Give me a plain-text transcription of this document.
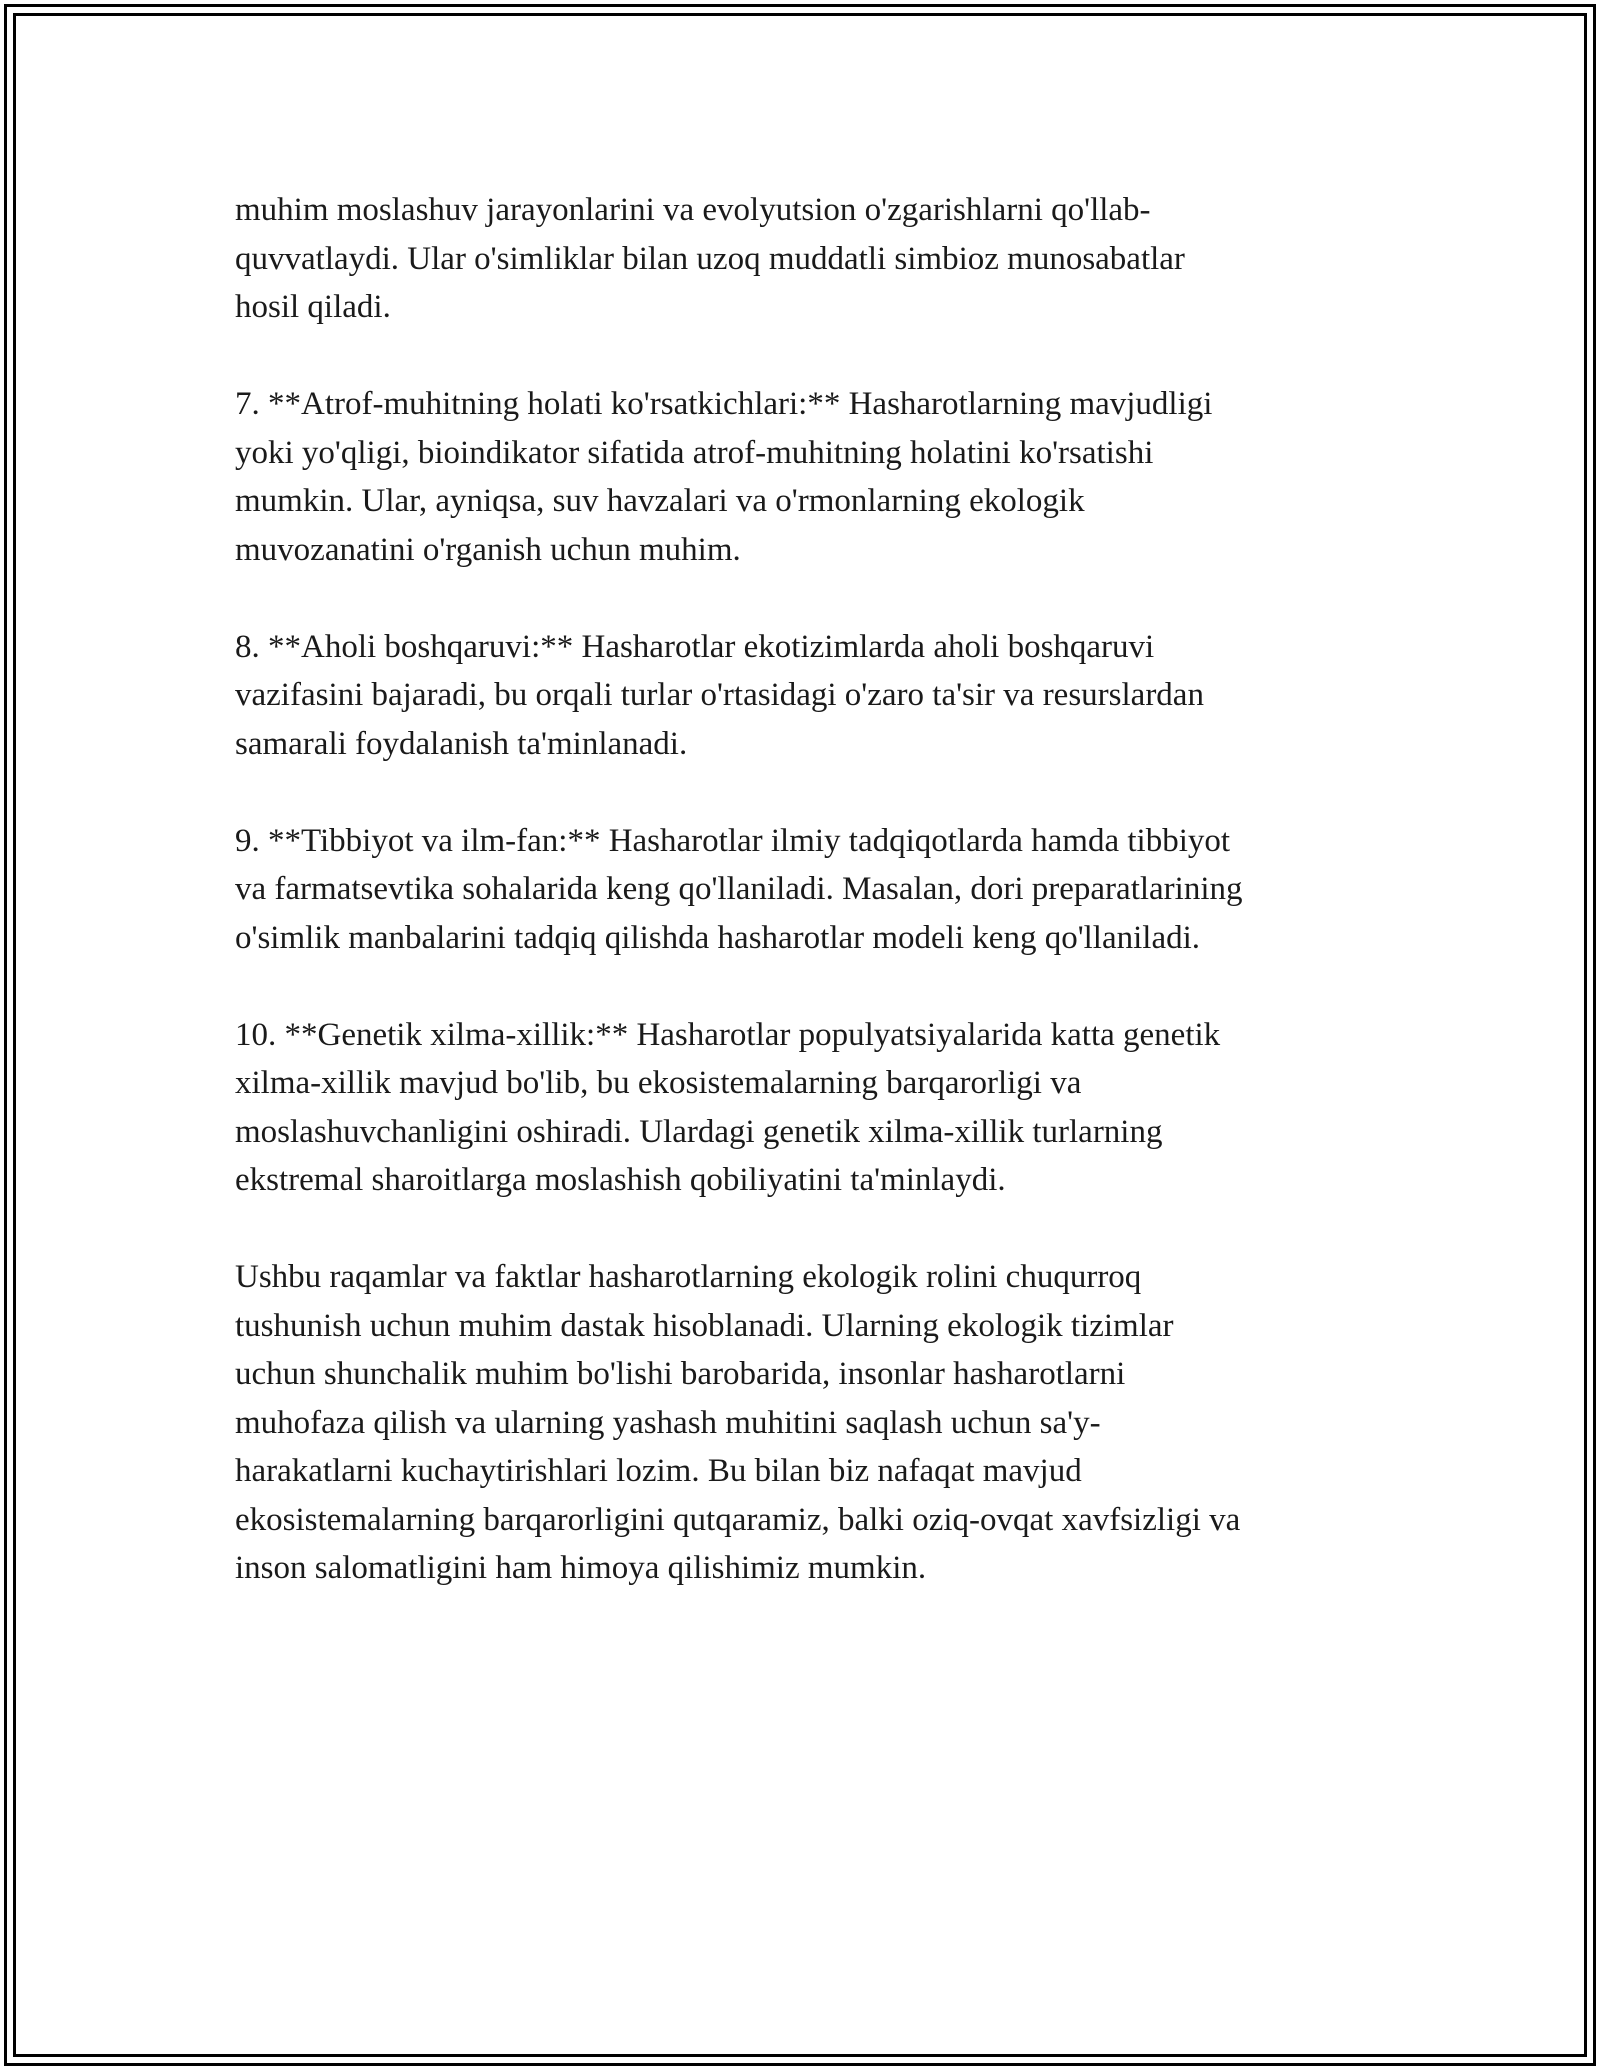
muhim moslashuv jarayonlarini va evolyutsion o'zgarishlarni qo'llab-
quvvatlaydi. Ular o'simliklar bilan uzoq muddatli simbioz munosabatlar
hosil qiladi.

7. **Atrof-muhitning holati ko'rsatkichlari:** Hasharotlarning mavjudligi
yoki yo'qligi, bioindikator sifatida atrof-muhitning holatini ko'rsatishi
mumkin. Ular, ayniqsa, suv havzalari va o'rmonlarning ekologik
muvozanatini o'rganish uchun muhim.

8. **Aholi boshqaruvi:** Hasharotlar ekotizimlarda aholi boshqaruvi
vazifasini bajaradi, bu orqali turlar o'rtasidagi o'zaro ta'sir va resurslardan
samarali foydalanish ta'minlanadi.

9. **Tibbiyot va ilm-fan:** Hasharotlar ilmiy tadqiqotlarda hamda tibbiyot
va farmatsevtika sohalarida keng qo'llaniladi. Masalan, dori preparatlarining
o'simlik manbalarini tadqiq qilishda hasharotlar modeli keng qo'llaniladi.

10. **Genetik xilma-xillik:** Hasharotlar populyatsiyalarida katta genetik
xilma-xillik mavjud bo'lib, bu ekosistemalarning barqarorligi va
moslashuvchanligini oshiradi. Ulardagi genetik xilma-xillik turlarning
ekstremal sharoitlarga moslashish qobiliyatini ta'minlaydi.

Ushbu raqamlar va faktlar hasharotlarning ekologik rolini chuqurroq
tushunish uchun muhim dastak hisoblanadi. Ularning ekologik tizimlar
uchun shunchalik muhim bo'lishi barobarida, insonlar hasharotlarni
muhofaza qilish va ularning yashash muhitini saqlash uchun sa'y-
harakatlarni kuchaytirishlari lozim. Bu bilan biz nafaqat mavjud
ekosistemalarning barqarorligini qutqaramiz, balki oziq-ovqat xavfsizligi va
inson salomatligini ham himoya qilishimiz mumkin.
